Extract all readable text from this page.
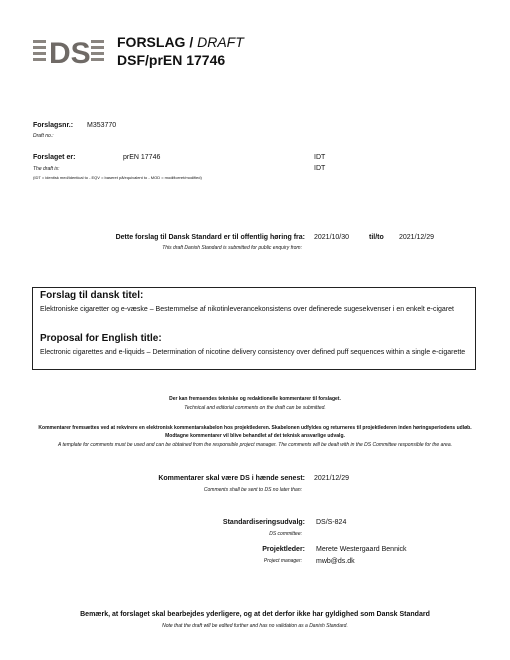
DS FORSLAG / DRAFT
DSF/prEN 17746
Forslagsnr.: M353770
Draft no.:
Forslaget er:	prEN 17746	IDT
The draft is:	IDT
(IDT = identisk med/identical to - EQV = baseret på/equivalent to - MOD = modificeret/modified)
Dette forslag til Dansk Standard er til offentlig høring fra:
This draft Danish Standard is submitted for public enquiry from:
2021/10/30	til/to 2021/12/29
Forslag til dansk titel:
Elektroniske cigaretter og e-væske – Bestemmelse af nikotinleverancekonsistens over definerede sugesekvenser i en enkelt e-cigaret
Proposal for English title:
Electronic cigarettes and e-liquids – Determination of nicotine delivery consistency over defined puff sequences within a single e-cigarette
Der kan fremsendes tekniske og redaktionelle kommentarer til forslaget.
Technical and editorial comments on the draft can be submitted.
Kommentarer fremsættes ved at rekvirere en elektronisk kommentarskabelon hos projektlederen. Skabelonen udfyldes og returneres til projektlederen inden høringsperiodens udløb. Modtagne kommentarer vil blive behandlet af det teknisk ansvarlige udvalg.
A template for comments must be used and can be obtained from the responsible project manager. The comments will be dealt with in the DS Committee responsible for the area.
Kommentarer skal være DS i hænde senest:
Comments shall be sent to DS no later than:
2021/12/29
Standardiseringsudvalg:
DS committee:
DS/S-824
Projektleder:
Project manager:
Merete Westergaard Bennick
mwb@ds.dk
Bemærk, at forslaget skal bearbejdes yderligere, og at det derfor ikke har gyldighed som Dansk Standard
Note that the draft will be edited further and has no validation as a Danish Standard.
